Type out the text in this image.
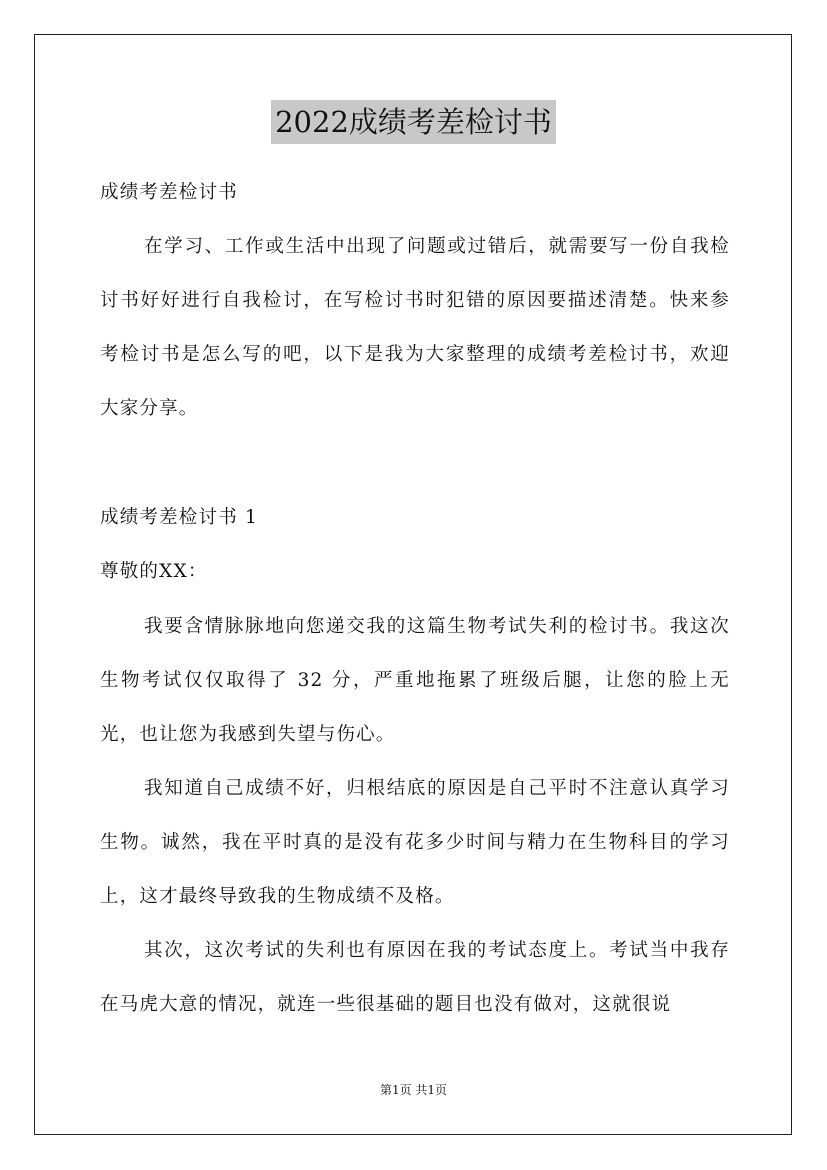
2022成绩考差检讨书

成绩考差检讨书

在学习、工作或生活中出现了问题或过错后，就需要写一份自我检讨书好好进行自我检讨，在写检讨书时犯错的原因要描述清楚。快来参考检讨书是怎么写的吧，以下是我为大家整理的成绩考差检讨书，欢迎大家分享。

成绩考差检讨书 1

尊敬的XX：

我要含情脉脉地向您递交我的这篇生物考试失利的检讨书。我这次生物考试仅仅取得了 32 分，严重地拖累了班级后腿，让您的脸上无光，也让您为我感到失望与伤心。

我知道自己成绩不好，归根结底的原因是自己平时不注意认真学习生物。诚然，我在平时真的是没有花多少时间与精力在生物科目的学习上，这才最终导致我的生物成绩不及格。

其次，这次考试的失利也有原因在我的考试态度上。考试当中我存在马虎大意的情况，就连一些很基础的题目也没有做对，这就很说

第1页 共1页
